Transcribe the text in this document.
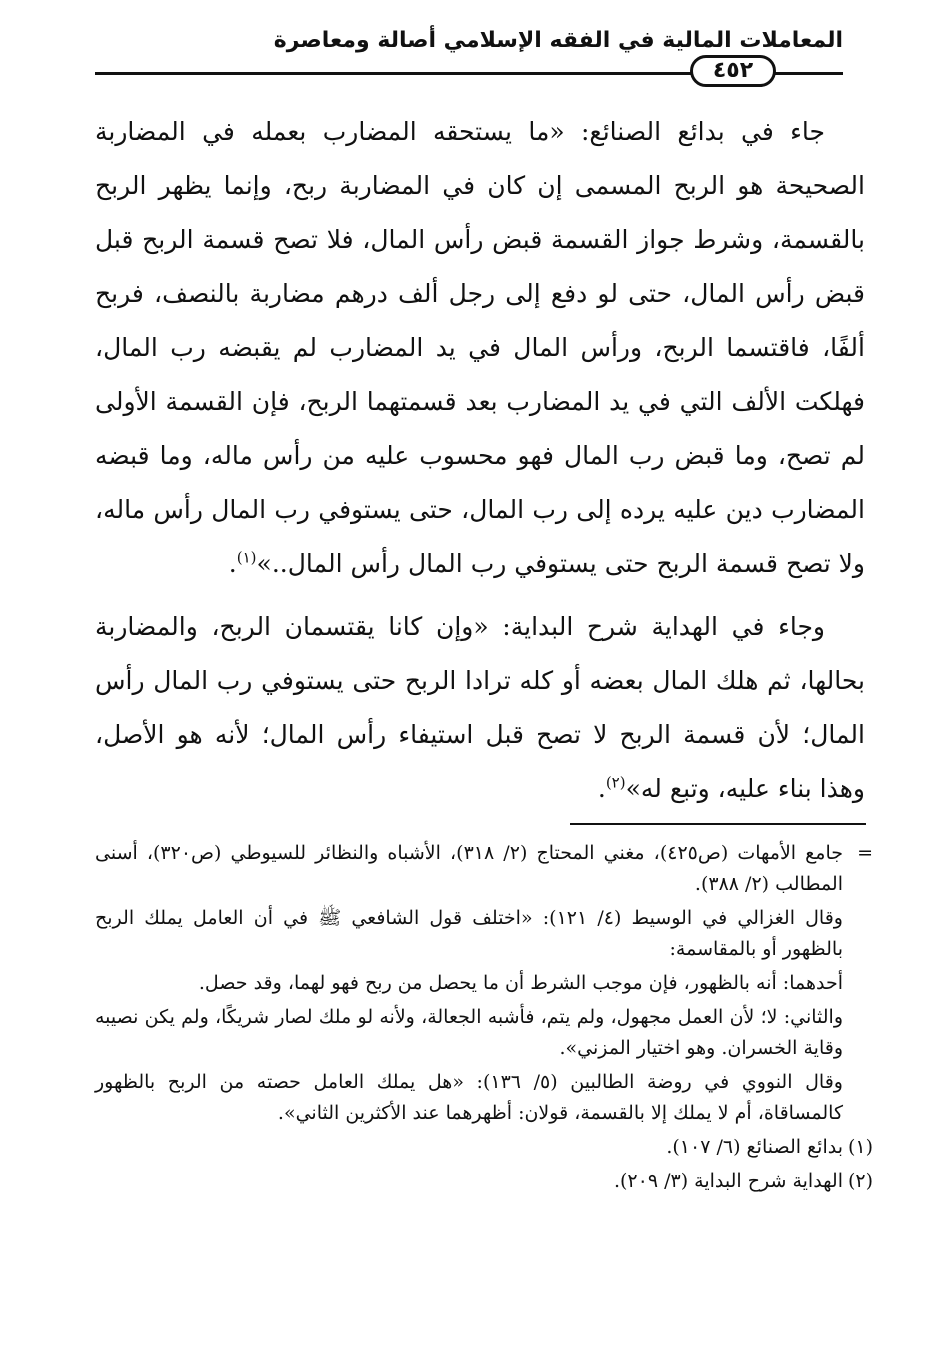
المعاملات المالية في الفقه الإسلامي أصالة ومعاصرة
٤٥٢

جاء في بدائع الصنائع: «ما يستحقه المضارب بعمله في المضاربة الصحيحة هو الربح المسمى إن كان في المضاربة ربح، وإنما يظهر الربح بالقسمة، وشرط جواز القسمة قبض رأس المال، فلا تصح قسمة الربح قبل قبض رأس المال، حتى لو دفع إلى رجل ألف درهم مضاربة بالنصف، فربح ألفًا، فاقتسما الربح، ورأس المال في يد المضارب لم يقبضه رب المال، فهلكت الألف التي في يد المضارب بعد قسمتهما الربح، فإن القسمة الأولى لم تصح، وما قبض رب المال فهو محسوب عليه من رأس ماله، وما قبضه المضارب دين عليه يرده إلى رب المال، حتى يستوفي رب المال رأس ماله، ولا تصح قسمة الربح حتى يستوفي رب المال رأس المال..»$^{(١)}$.

وجاء في الهداية شرح البداية: «وإن كانا يقتسمان الربح، والمضاربة بحالها، ثم هلك المال بعضه أو كله ترادا الربح حتى يستوفي رب المال رأس المال؛ لأن قسمة الربح لا تصح قبل استيفاء رأس المال؛ لأنه هو الأصل، وهذا بناء عليه، وتبع له»$^{(٢)}$.

=
جامع الأمهات (ص٤٢٥)، مغني المحتاج (٢/ ٣١٨)، الأشباه والنظائر للسيوطي (ص٣٢٠)، أسنى المطالب (٢/ ٣٨٨).
وقال الغزالي في الوسيط (٤/ ١٢١): «اختلف قول الشافعي ﷺ في أن العامل يملك الربح بالظهور أو بالمقاسمة:
أحدهما: أنه بالظهور، فإن موجب الشرط أن ما يحصل من ربح فهو لهما، وقد حصل.
والثاني: لا؛ لأن العمل مجهول، ولم يتم، فأشبه الجعالة، ولأنه لو ملك لصار شريكًا، ولم يكن نصيبه وقاية الخسران. وهو اختيار المزني».
وقال النووي في روضة الطالبين (٥/ ١٣٦): «هل يملك العامل حصته من الربح بالظهور كالمساقاة، أم لا يملك إلا بالقسمة، قولان: أظهرهما عند الأكثرين الثاني».
(١)
بدائع الصنائع (٦/ ١٠٧).
(٢)
الهداية شرح البداية (٣/ ٢٠٩).
